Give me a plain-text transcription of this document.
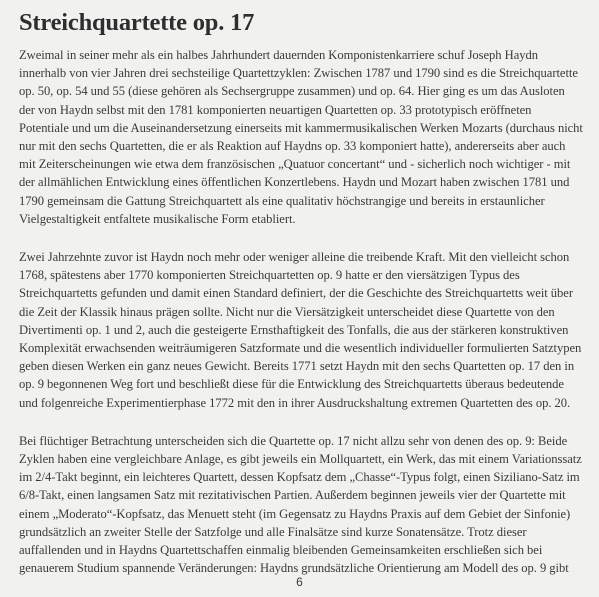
Streichquartette op. 17

Zweimal in seiner mehr als ein halbes Jahrhundert dauernden Komponistenkarriere schuf Joseph Haydn innerhalb von vier Jahren drei sechsteilige Quartettzyklen: Zwischen 1787 und 1790 sind es die Streichquartette op. 50, op. 54 und 55 (diese gehören als Sechsergruppe zusammen) und op. 64. Hier ging es um das Ausloten der von Haydn selbst mit den 1781 komponierten neuartigen Quartetten op. 33 prototypisch eröffneten Potentiale und um die Auseinandersetzung einerseits mit kammermusikalischen Werken Mozarts (durchaus nicht nur mit den sechs Quartetten, die er als Reaktion auf Haydns op. 33 komponiert hatte), andererseits aber auch mit Zeiterscheinungen wie etwa dem französischen „Quatuor concertant“ und - sicherlich noch wichtiger - mit der allmählichen Entwicklung eines öffentlichen Konzertlebens. Haydn und Mozart haben zwischen 1781 und 1790 gemeinsam die Gattung Streichquartett als eine qualitativ höchstrangige und bereits in erstaunlicher Vielgestaltigkeit entfaltete musikalische Form etabliert.

Zwei Jahrzehnte zuvor ist Haydn noch mehr oder weniger alleine die treibende Kraft. Mit den vielleicht schon 1768, spätestens aber 1770 komponierten Streichquartetten op. 9 hatte er den viersätzigen Typus des Streichquartetts gefunden und damit einen Standard definiert, der die Geschichte des Streichquartetts weit über die Zeit der Klassik hinaus prägen sollte. Nicht nur die Viersätzigkeit unterscheidet diese Quartette von den Divertimenti op. 1 und 2, auch die gesteigerte Ernsthaftigkeit des Tonfalls, die aus der stärkeren konstruktiven Komplexität erwachsenden weiträumigeren Satzformate und die wesentlich individueller formulierten Satztypen geben diesen Werken ein ganz neues Gewicht. Bereits 1771 setzt Haydn mit den sechs Quartetten op. 17 den in op. 9 begonnenen Weg fort und beschließt diese für die Entwicklung des Streichquartetts überaus bedeutende und folgenreiche Experimentierphase 1772 mit den in ihrer Ausdruckshaltung extremen Quartetten des op. 20.

Bei flüchtiger Betrachtung unterscheiden sich die Quartette op. 17 nicht allzu sehr von denen des op. 9: Beide Zyklen haben eine vergleichbare Anlage, es gibt jeweils ein Mollquartett, ein Werk, das mit einem Variationssatz im 2/4-Takt beginnt, ein leichteres Quartett, dessen Kopfsatz dem „Chasse“-Typus folgt, einen Siziliano-Satz im 6/8-Takt, einen langsamen Satz mit rezitativischen Partien. Außerdem beginnen jeweils vier der Quartette mit einem „Moderato“-Kopfsatz, das Menuett steht (im Gegensatz zu Haydns Praxis auf dem Gebiet der Sinfonie) grundsätzlich an zweiter Stelle der Satzfolge und alle Finalsätze sind kurze Sonatensätze. Trotz dieser auffallenden und in Haydns Quartettschaffen einmalig bleibenden Gemeinsamkeiten erschließen sich bei genauerem Studium spannende Veränderungen: Haydns grundsätzliche Orientierung am Modell des op. 9 gibt

6
